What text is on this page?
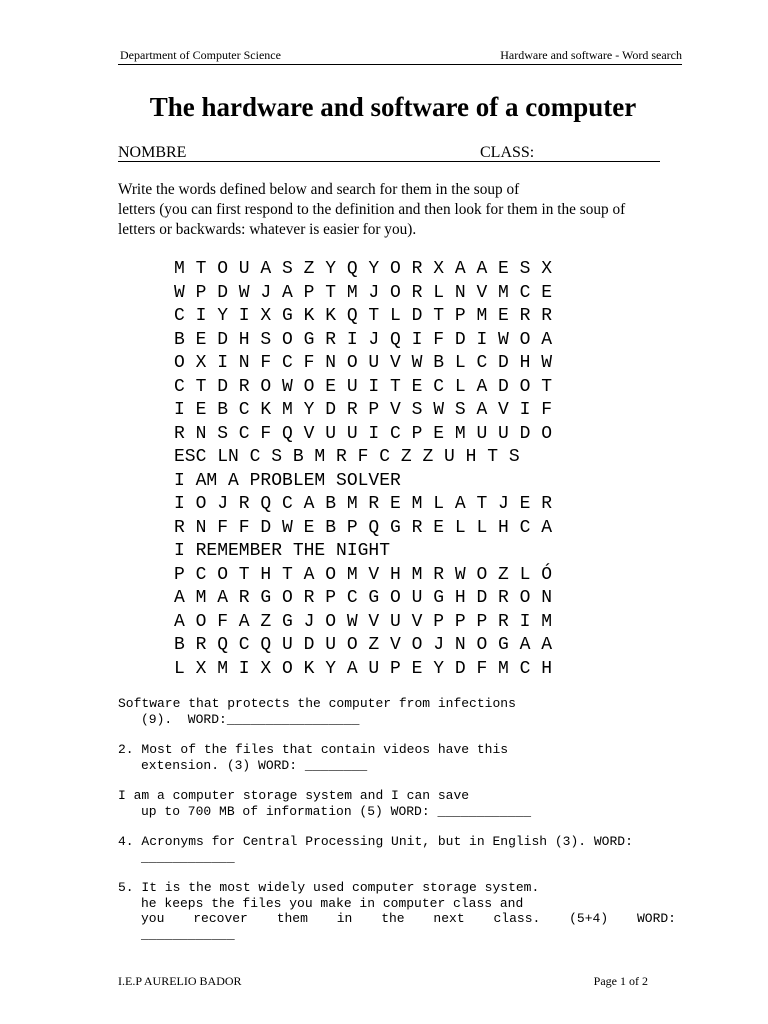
Department of Computer Science	Hardware and software - Word search
The hardware and software of a computer
NOMBRE	CLASS:
Write the words defined below and search for them in the soup of
letters (you can first respond to the definition and then look for them in the soup of
letters or backwards: whatever is easier for you).
M T O U A S Z Y Q Y O R X A A E S X
W P D W J A P T M J O R L N V M C E
C I Y I X G K K Q T L D T P M E R R
B E D H S O G R I J Q I F D I W O A
O X I N F C F N O U V W B L C D H W
C T D R O W O E U I T E C L A D O T
I E B C K M Y D R P V S W S A V I F
R N S C F Q V U U I C P E M U U D O
ESC LN C S B M R F C Z Z U H T S
I AM A PROBLEM SOLVER
I O J R Q C A B M R E M L A T J E R
R N F F D W E B P Q G R E L L H C A
I REMEMBER THE NIGHT
P C O T H T A O M V H M R W O Z L Ó
A M A R G O R P C G O U G H D R O N
A O F A Z G J O W V U V P P P R I M
B R Q C Q U D U O Z V O J N O G A A
L X M I X O K Y A U P E Y D F M C H
Software that protects the computer from infections
(9).  WORD:_________________
2. Most of the files that contain videos have this
extension. (3) WORD: ________
I am a computer storage system and I can save
up to 700 MB of information (5) WORD: ____________
4. Acronyms for Central Processing Unit, but in English (3). WORD:
____________
5. It is the most widely used computer storage system.
he keeps the files you make in computer class and
you recover them in the next class. (5+4) WORD:
____________
I.E.P AURELIO BADOR	Page 1 of 2
